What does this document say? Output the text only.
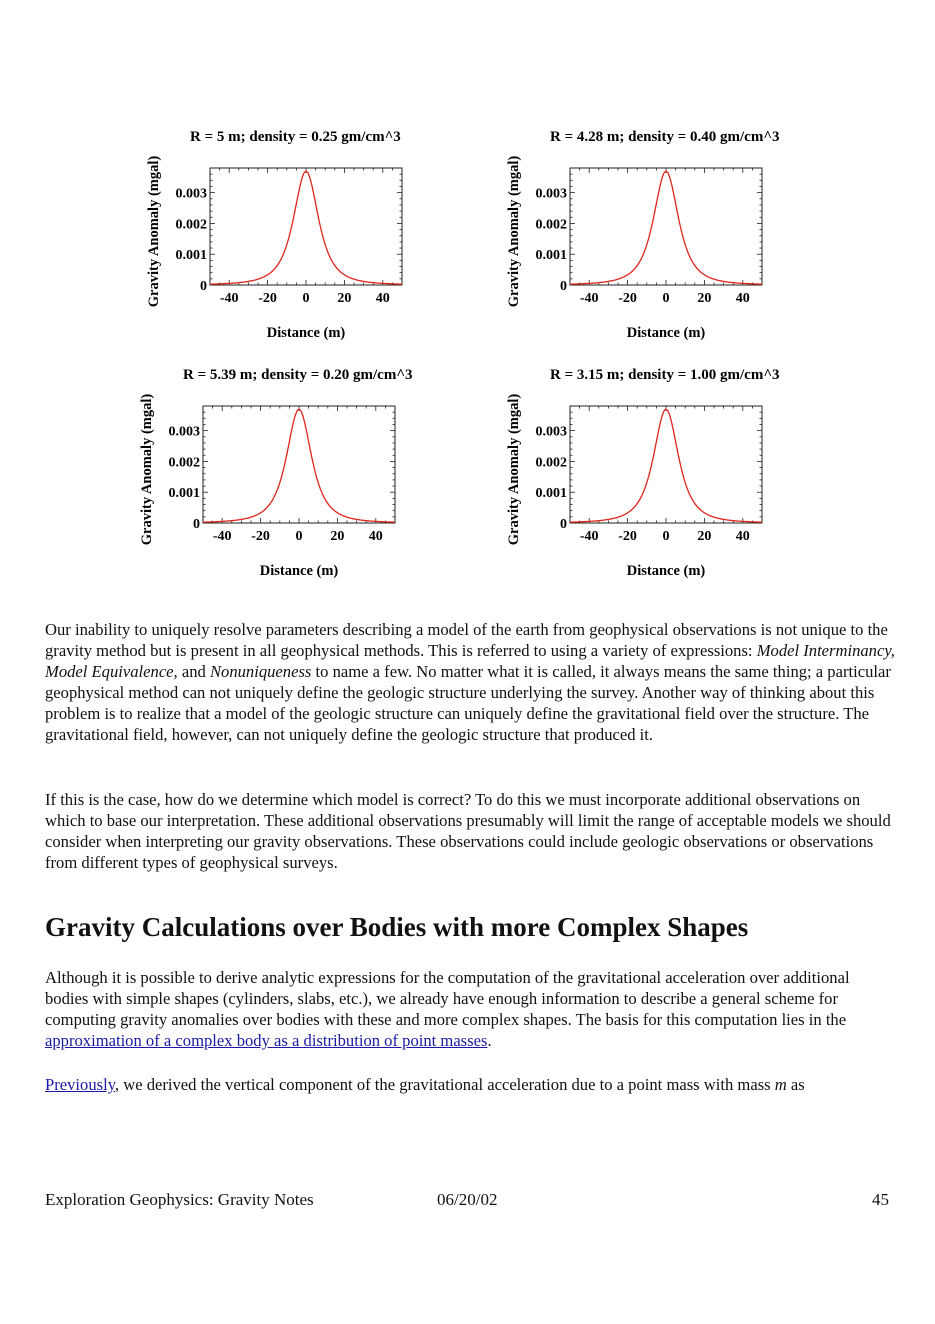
R = 5 m; density = 0.25 gm/cm^3
-40 -20 0 20 40
0
0.001
0.002
0.003
Distance (m)
Gravity Anomaly (mgal)
R = 4.28 m; density = 0.40 gm/cm^3
-40 -20 0 20 40
0
0.001
0.002
0.003
Distance (m)
Gravity Anomaly (mgal)
R = 5.39 m; density = 0.20 gm/cm^3
-40 -20 0 20 40
0
0.001
0.002
0.003
Distance (m)
Gravity Anomaly (mgal)
R = 3.15 m; density = 1.00 gm/cm^3
-40 -20 0 20 40
0
0.001
0.002
0.003
Distance (m)
Gravity Anomaly (mgal)

Our inability to uniquely resolve parameters describing a model of the earth from geophysical observations is not unique to the gravity method but is present in all geophysical methods. This is referred to using a variety of expressions: Model Interminancy, Model Equivalence, and Nonuniqueness to name a few. No matter what it is called, it always means the same thing; a particular geophysical method can not uniquely define the geologic structure underlying the survey. Another way of thinking about this problem is to realize that a model of the geologic structure can uniquely define the gravitational field over the structure. The gravitational field, however, can not uniquely define the geologic structure that produced it.

If this is the case, how do we determine which model is correct? To do this we must incorporate additional observations on which to base our interpretation. These additional observations presumably will limit the range of acceptable models we should consider when interpreting our gravity observations. These observations could include geologic observations or observations from different types of geophysical surveys.

Gravity Calculations over Bodies with more Complex Shapes

Although it is possible to derive analytic expressions for the computation of the gravitational acceleration over additional bodies with simple shapes (cylinders, slabs, etc.), we already have enough information to describe a general scheme for computing gravity anomalies over bodies with these and more complex shapes. The basis for this computation lies in the approximation of a complex body as a distribution of point masses.

Previously, we derived the vertical component of the gravitational acceleration due to a point mass with mass m as

Exploration Geophysics: Gravity Notes	06/20/02	45
